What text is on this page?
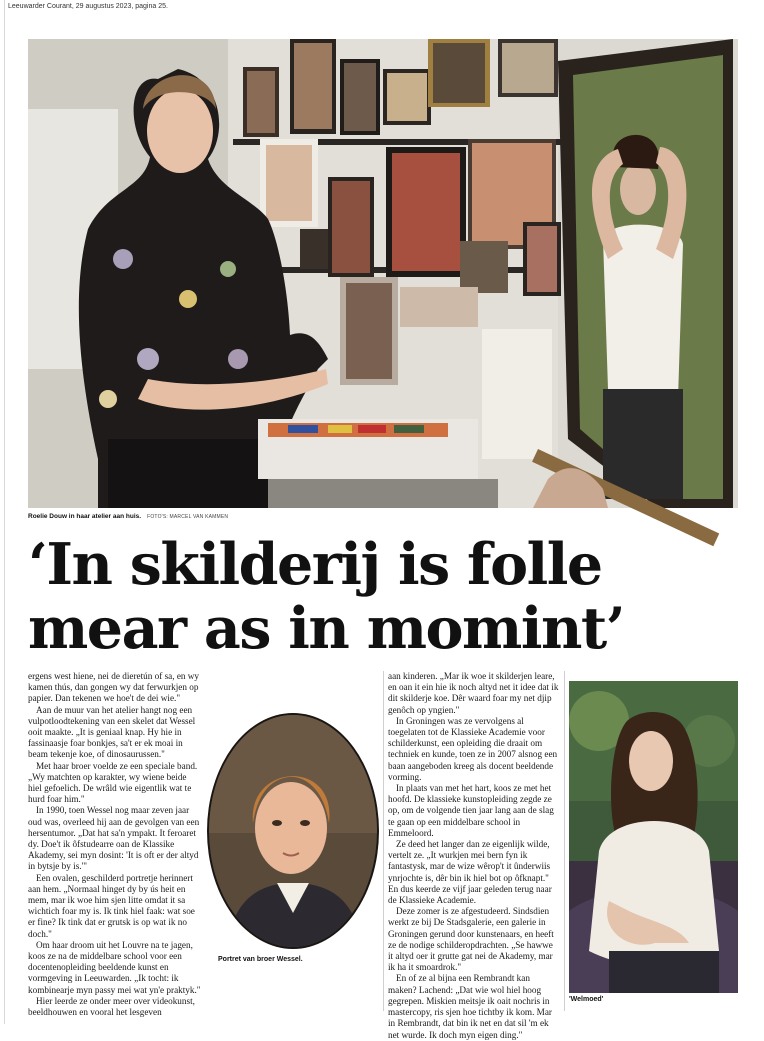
Leeuwarder Courant, 29 augustus 2023, pagina 25.
Roelie Douw in haar atelier aan huis. FOTO'S: MARCEL VAN KAMMEN
‘In skilderij is folle
mear as in momint’

ergens west hiene, nei de dieretún of sa, en wy kamen thús, dan gongen wy dat ferwurkjen op papier. Dan tekenen we hoe't de dei wie."

Aan de muur van het atelier hangt nog een vulpotloodtekening van een skelet dat Wessel ooit maakte. „It is geniaal knap. Hy hie in fassinaasje foar bonkjes, sa't er ek moai in beam tekenje koe, of dinosaurussen."

Met haar broer voelde ze een speciale band. „Wy matchten op karakter, wy wiene beide hiel gefoelich. De wrâld wie eigentlik wat te hurd foar him."

In 1990, toen Wessel nog maar zeven jaar oud was, overleed hij aan de gevolgen van een hersentumor. „Dat hat sa'n ympakt. It feroaret dy. Doe't ik ôfstudearre oan de Klassike Akademy, sei myn dosint: 'It is oft er der altyd in bytsje by is.'"

Een ovalen, geschilderd portretje herinnert aan hem. „Normaal hinget dy by ús heit en mem, mar ik woe him sjen litte omdat it sa wichtich foar my is. Ik tink hiel faak: wat soe er fine? Ik tink dat er grutsk is op wat ik no doch."

Om haar droom uit het Louvre na te jagen, koos ze na de middelbare school voor een docentenopleiding beeldende kunst en vormgeving in Leeuwarden. „Ik tocht: ik kombinearje myn passy mei wat yn'e praktyk."

Hier leerde ze onder meer over videokunst, beeldhouwen en vooral het lesgeven

Portret van broer Wessel.

aan kinderen. „Mar ik woe it skilderjen leare, en oan it ein hie ik noch altyd net it idee dat ik dit skilderje koe. Dêr waard foar my net djip genôch op yngien."

In Groningen was ze vervolgens al toegelaten tot de Klassieke Academie voor schilderkunst, een opleiding die draait om techniek en kunde, toen ze in 2007 alsnog een baan aangeboden kreeg als docent beeldende vorming.

In plaats van met het hart, koos ze met het hoofd. De klassieke kunstopleiding zegde ze op, om de volgende tien jaar lang aan de slag te gaan op een middelbare school in Emmeloord.

Ze deed het langer dan ze eigenlijk wilde, vertelt ze. „It wurkjen mei bern fyn ik fantastysk, mar de wize wêrop't it ûnderwiis ynrjochte is, dêr bin ik hiel bot op ôfknapt." En dus keerde ze vijf jaar geleden terug naar de Klassieke Academie.

Deze zomer is ze afgestudeerd. Sindsdien werkt ze bij De Stadsgalerie, een galerie in Groningen gerund door kunstenaars, en heeft ze de nodige schilderopdrachten. „Se hawwe it altyd oer it grutte gat nei de Akademy, mar ik ha it smoardrok."

En of ze al bijna een Rembrandt kan maken? Lachend: „Dat wie wol hiel hoog gegrepen. Miskien meitsje ik oait nochris in mastercopy, ris sjen hoe tichtby ik kom. Mar in Rembrandt, dat bin ik net en dat sil 'm ek net wurde. Ik doch myn eigen ding."

'Welmoed'
